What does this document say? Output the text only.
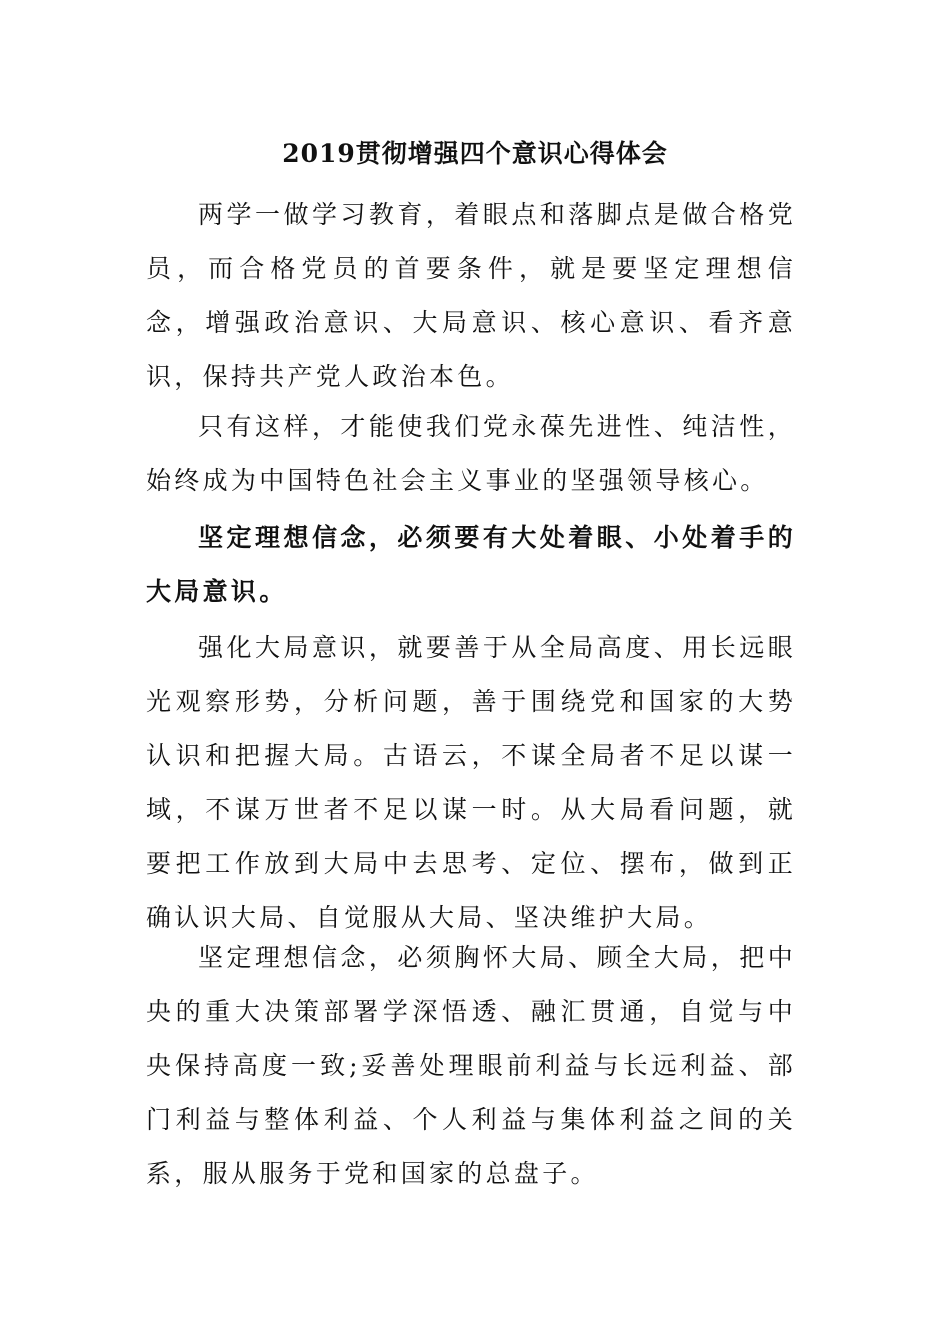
2019贯彻增强四个意识心得体会

两学一做学习教育，着眼点和落脚点是做合格党员，而合格党员的首要条件，就是要坚定理想信念，增强政治意识、大局意识、核心意识、看齐意识，保持共产党人政治本色。

只有这样，才能使我们党永葆先进性、纯洁性，始终成为中国特色社会主义事业的坚强领导核心。

坚定理想信念，必须要有大处着眼、小处着手的大局意识。

强化大局意识，就要善于从全局高度、用长远眼光观察形势，分析问题，善于围绕党和国家的大势认识和把握大局。古语云，不谋全局者不足以谋一域，不谋万世者不足以谋一时。从大局看问题，就要把工作放到大局中去思考、定位、摆布，做到正确认识大局、自觉服从大局、坚决维护大局。

坚定理想信念，必须胸怀大局、顾全大局，把中央的重大决策部署学深悟透、融汇贯通，自觉与中央保持高度一致;妥善处理眼前利益与长远利益、部门利益与整体利益、个人利益与集体利益之间的关系，服从服务于党和国家的总盘子。
